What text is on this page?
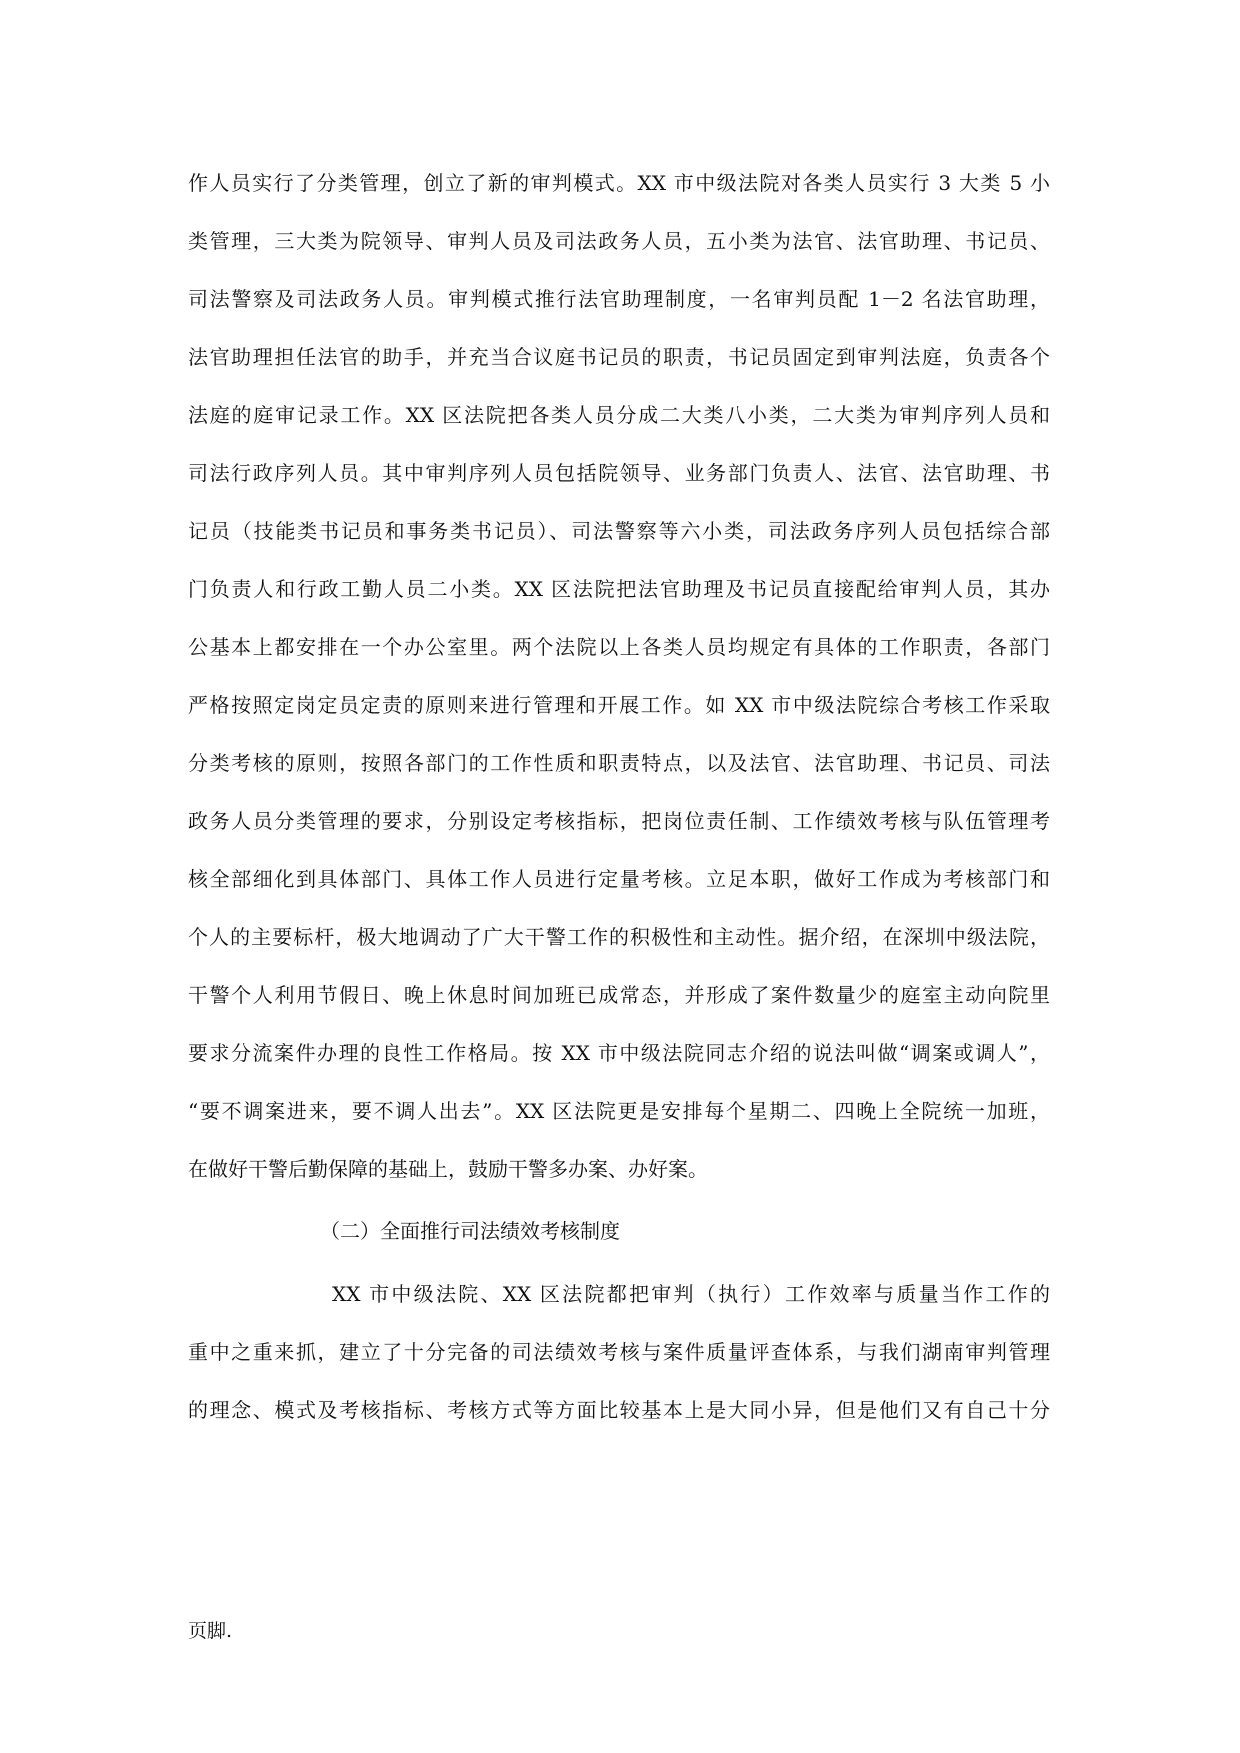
作人员实行了分类管理，创立了新的审判模式。XX 市中级法院对各类人员实行 3 大类 5 小
类管理，三大类为院领导、审判人员及司法政务人员，五小类为法官、法官助理、书记员、
司法警察及司法政务人员。审判模式推行法官助理制度，一名审判员配 1－2 名法官助理，
法官助理担任法官的助手，并充当合议庭书记员的职责，书记员固定到审判法庭，负责各个
法庭的庭审记录工作。XX 区法院把各类人员分成二大类八小类，二大类为审判序列人员和
司法行政序列人员。其中审判序列人员包括院领导、业务部门负责人、法官、法官助理、书
记员（技能类书记员和事务类书记员）、司法警察等六小类，司法政务序列人员包括综合部
门负责人和行政工勤人员二小类。XX 区法院把法官助理及书记员直接配给审判人员，其办
公基本上都安排在一个办公室里。两个法院以上各类人员均规定有具体的工作职责，各部门
严格按照定岗定员定责的原则来进行管理和开展工作。如 XX 市中级法院综合考核工作采取
分类考核的原则，按照各部门的工作性质和职责特点，以及法官、法官助理、书记员、司法
政务人员分类管理的要求，分别设定考核指标，把岗位责任制、工作绩效考核与队伍管理考
核全部细化到具体部门、具体工作人员进行定量考核。立足本职，做好工作成为考核部门和
个人的主要标杆，极大地调动了广大干警工作的积极性和主动性。据介绍，在深圳中级法院，
干警个人利用节假日、晚上休息时间加班已成常态，并形成了案件数量少的庭室主动向院里
要求分流案件办理的良性工作格局。按 XX 市中级法院同志介绍的说法叫做“调案或调人”，
“要不调案进来，要不调人出去”。XX 区法院更是安排每个星期二、四晚上全院统一加班，
在做好干警后勤保障的基础上，鼓励干警多办案、办好案。
（二）全面推行司法绩效考核制度
XX 市中级法院、XX 区法院都把审判（执行）工作效率与质量当作工作的
重中之重来抓，建立了十分完备的司法绩效考核与案件质量评查体系，与我们湖南审判管理
的理念、模式及考核指标、考核方式等方面比较基本上是大同小异，但是他们又有自己十分
页脚.
